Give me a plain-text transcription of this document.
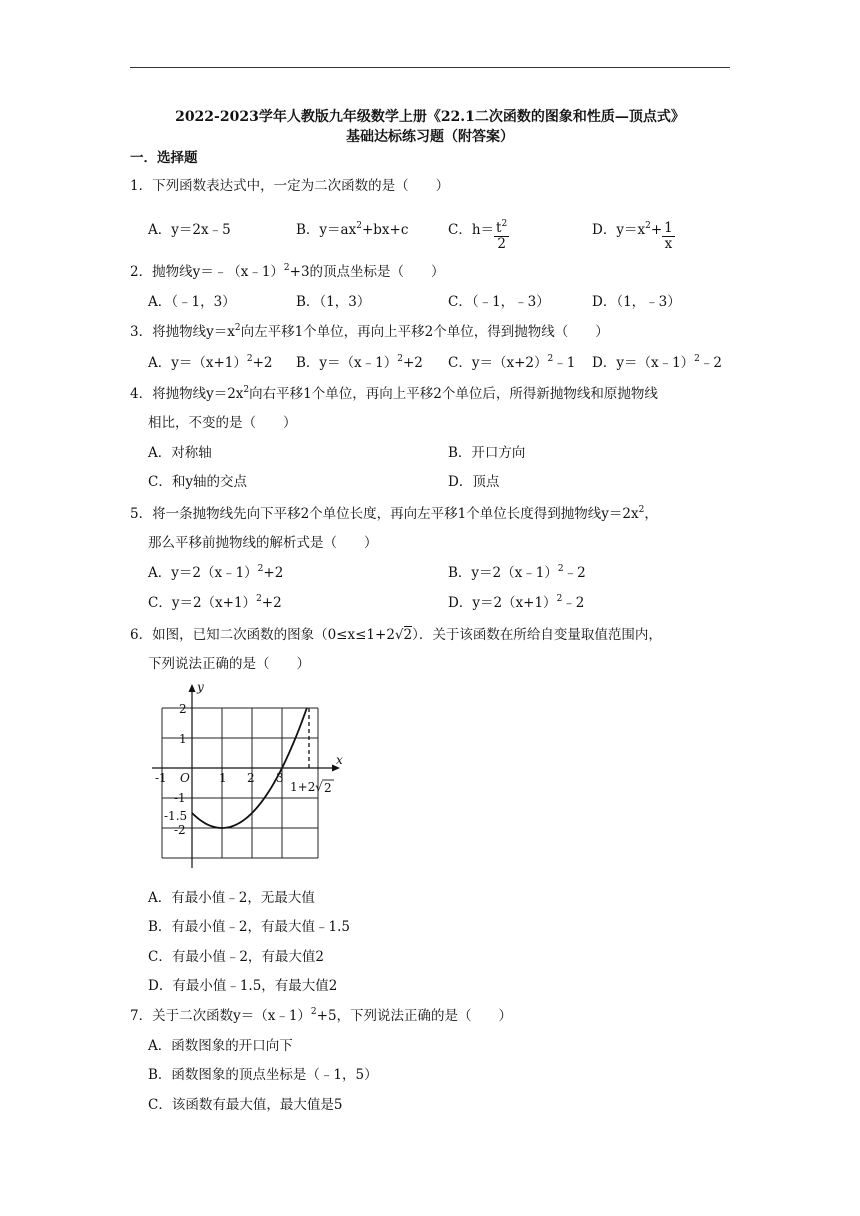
2022-2023学年人教版九年级数学上册《22.1二次函数的图象和性质—顶点式》
基础达标练习题（附答案）
一．选择题
1．下列函数表达式中，一定为二次函数的是（　　）
A．y＝2x﹣5	B．$y=ax^2+bx+c$	C．$h= \frac{t^2}{2}$	D．$y=x^2+ \frac{1}{x}$
2．抛物线y＝﹣（x﹣1）$^2$+3的顶点坐标是（　　）
A．（﹣1，3）	B．（1，3）	C．（﹣1，﹣3）	D．（1，﹣3）
3．将抛物线$y=x^2$向左平移1个单位，再向上平移2个单位，得到抛物线（　　）
A．$y=(x+1)^2+2$ B．y＝（x﹣1）$^2$+2 C．$y=(x+2)^2﹣1$ D．y＝（x﹣1）$^2$﹣2
4．将抛物线$y=2x^2$向右平移1个单位，再向上平移2个单位后，所得新抛物线和原抛物线
相比，不变的是（　　）
A．对称轴	B．开口方向
C．和y轴的交点	D．顶点
5．将一条抛物线先向下平移2个单位长度，再向左平移1个单位长度得到抛物线$y=2x^2$，
那么平移前抛物线的解析式是（　　）
A．y＝2（x﹣1）$^2$+2	B．y＝2（x﹣1）$^2$﹣2
C．$y=2(x+1)^2+2$	D．$y=2(x+1)^2﹣2$
6．如图，已知二次函数的图象（0≤x≤1+2√2）．关于该函数在所给自变量取值范围内，
下列说法正确的是（　　）
y
x
O
-1	1 2 3
2
1
-1
-1.5
-2
1+2 √ 2
A．有最小值﹣2，无最大值
B．有最小值﹣2，有最大值﹣1.5
C．有最小值﹣2，有最大值2
D．有最小值﹣1.5，有最大值2
7．关于二次函数y＝（x﹣1）$^2$+5，下列说法正确的是（　　）
A．函数图象的开口向下
B．函数图象的顶点坐标是（﹣1，5）
C．该函数有最大值，最大值是5
